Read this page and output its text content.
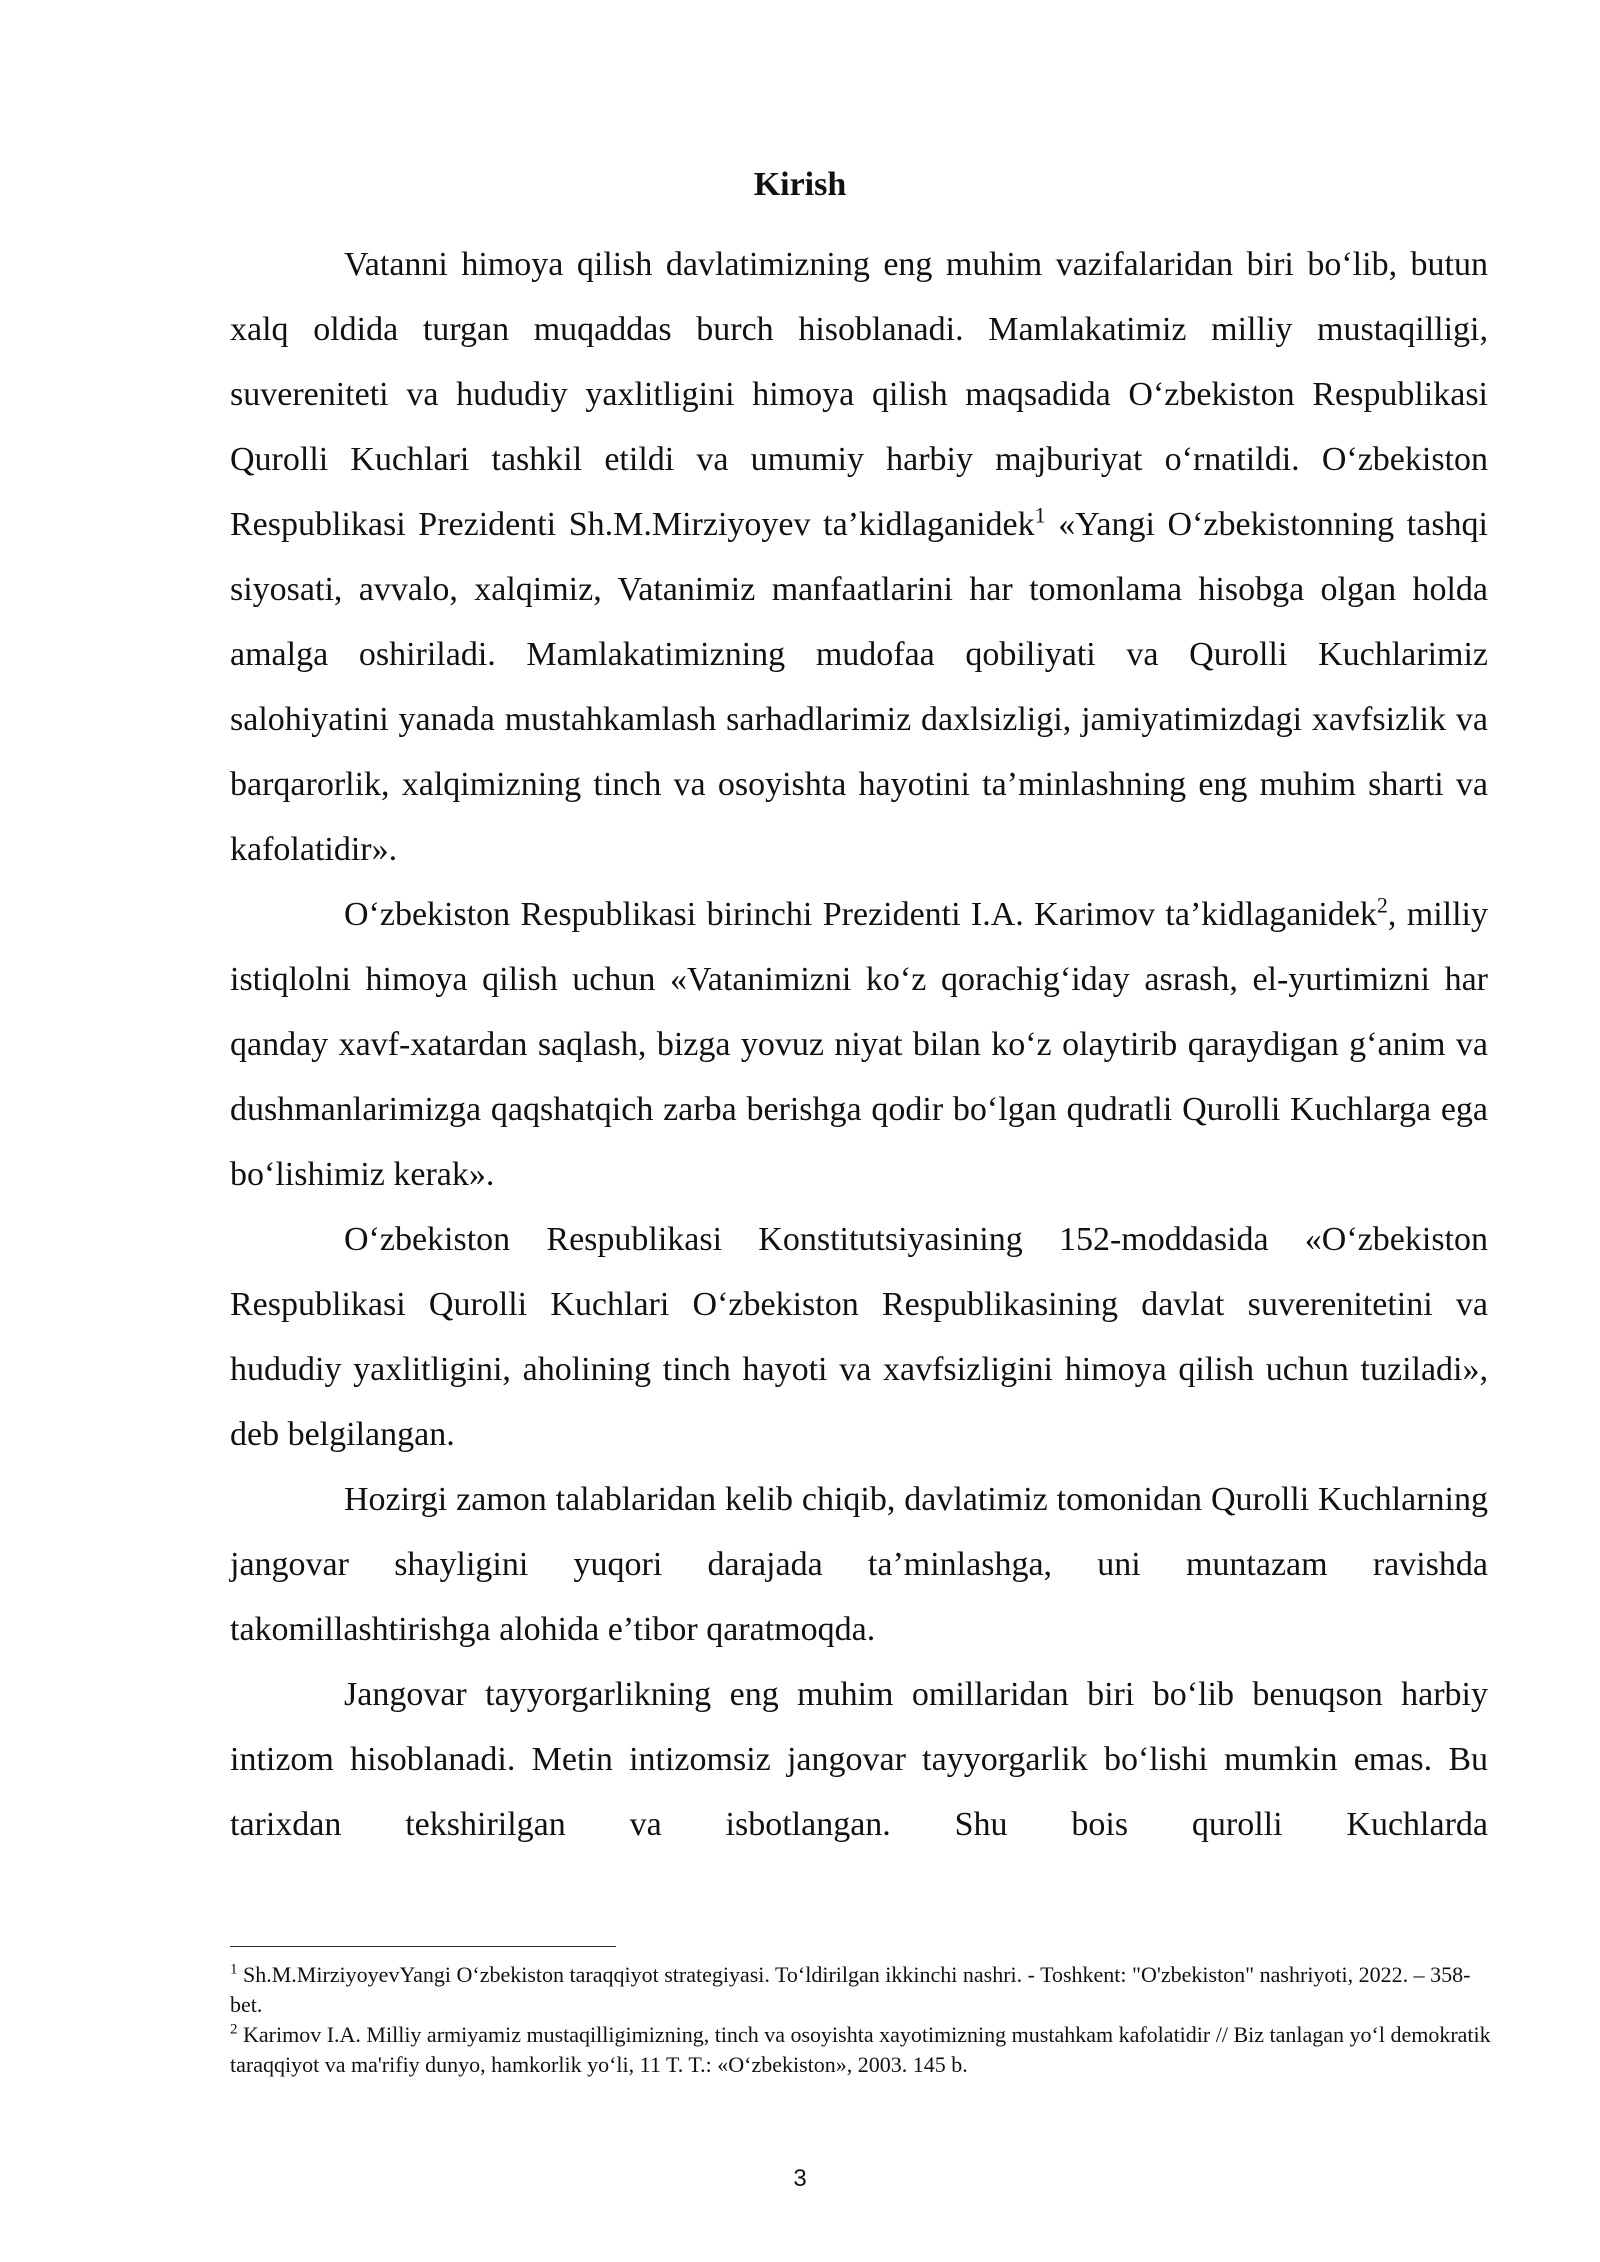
Kirish

Vatanni himoya qilish davlatimizning eng muhim vazifalaridan biri bo‘lib, butun xalq oldida turgan muqaddas burch hisoblanadi. Mamlakatimiz milliy mustaqilligi, suvereniteti va hududiy yaxlitligini himoya qilish maqsadida O‘zbekiston Respublikasi Qurolli Kuchlari tashkil etildi va umumiy harbiy majburiyat o‘rnatildi. O‘zbekiston Respublikasi Prezidenti Sh.M.Mirziyoyev ta’kidlaganidek$^1$ «Yangi O‘zbekistonning tashqi siyosati, avvalo, xalqimiz, Vatanimiz manfaatlarini har tomonlama hisobga olgan holda amalga oshiriladi. Mamlakatimizning mudofaa qobiliyati va Qurolli Kuchlarimiz salohiyatini yanada mustahkamlash sarhadlarimiz daxlsizligi, jamiyatimizdagi xavfsizlik va barqarorlik, xalqimizning tinch va osoyishta hayotini ta’minlashning eng muhim sharti va kafolatidir».

O‘zbekiston Respublikasi birinchi Prezidenti I.A. Karimov ta’kidlaganidek$^2$, milliy istiqlolni himoya qilish uchun «Vatanimizni ko‘z qorachig‘iday asrash, el-yurtimizni har qanday xavf-xatardan saqlash, bizga yovuz niyat bilan ko‘z olaytirib qaraydigan g‘anim va dushmanlarimizga qaqshatqich zarba berishga qodir bo‘lgan qudratli Qurolli Kuchlarga ega bo‘lishimiz kerak».

O‘zbekiston Respublikasi Konstitutsiyasining 152-moddasida «O‘zbekiston Respublikasi Qurolli Kuchlari O‘zbekiston Respublikasining davlat suverenitetini va hududiy yaxlitligini, aholining tinch hayoti va xavfsizligini himoya qilish uchun tuziladi», deb belgilangan.

Hozirgi zamon talablaridan kelib chiqib, davlatimiz tomonidan Qurolli Kuchlarning jangovar shayligini yuqori darajada ta’minlashga, uni muntazam ravishda takomillashtirishga alohida e’tibor qaratmoqda.

Jangovar tayyorgarlikning eng muhim omillaridan biri bo‘lib benuqson harbiy intizom hisoblanadi. Metin intizomsiz jangovar tayyorgarlik bo‘lishi mumkin emas. Bu tarixdan tekshirilgan va isbotlangan. Shu bois qurolli Kuchlarda

$^1$ Sh.M.MirziyoyevYangi O‘zbekiston taraqqiyot strategiyasi. To‘ldirilgan ikkinchi nashri. - Toshkent: "O'zbekiston" nashriyoti, 2022. – 358- bet.

$^2$ Karimov I.A. Milliy armiyamiz mustaqilligimizning, tinch va osoyishta xayotimizning mustahkam kafolatidir // Biz tanlagan yo‘l demokratik taraqqiyot va ma'rifiy dunyo, hamkorlik yo‘li, 11 T. T.: «O‘zbekiston», 2003. 145 b.

3
